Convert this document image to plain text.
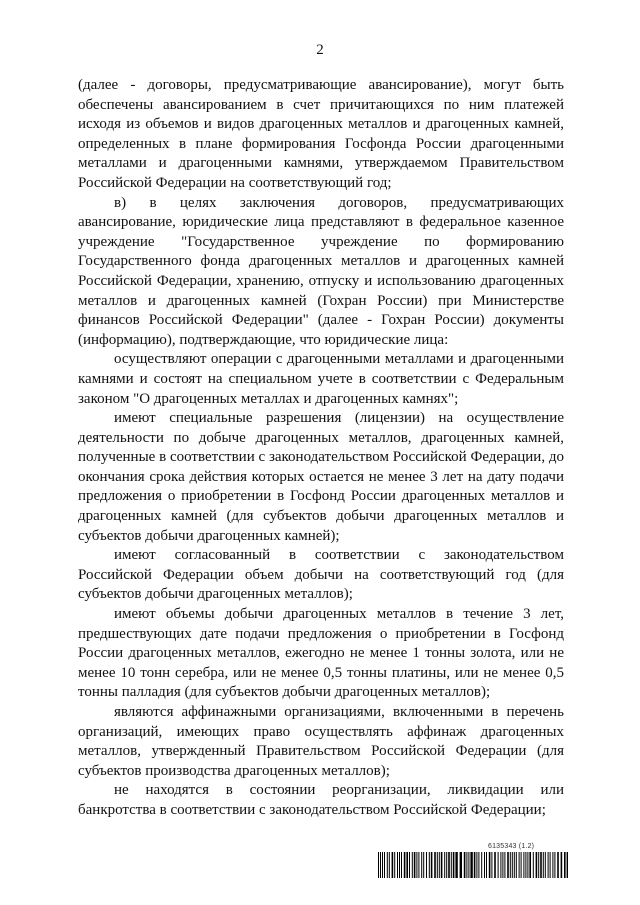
2

(далее - договоры, предусматривающие авансирование), могут быть обеспечены авансированием в счет причитающихся по ним платежей исходя из объемов и видов драгоценных металлов и драгоценных камней, определенных в плане формирования Госфонда России драгоценными металлами и драгоценными камнями, утверждаемом Правительством Российской Федерации на соответствующий год;

в) в целях заключения договоров, предусматривающих авансирование, юридические лица представляют в федеральное казенное учреждение "Государственное учреждение по формированию Государственного фонда драгоценных металлов и драгоценных камней Российской Федерации, хранению, отпуску и использованию драгоценных металлов и драгоценных камней (Гохран России) при Министерстве финансов Российской Федерации" (далее - Гохран России) документы (информацию), подтверждающие, что юридические лица:

осуществляют операции с драгоценными металлами и драгоценными камнями и состоят на специальном учете в соответствии с Федеральным законом "О драгоценных металлах и драгоценных камнях";

имеют специальные разрешения (лицензии) на осуществление деятельности по добыче драгоценных металлов, драгоценных камней, полученные в соответствии с законодательством Российской Федерации, до окончания срока действия которых остается не менее 3 лет на дату подачи предложения о приобретении в Госфонд России драгоценных металлов и драгоценных камней (для субъектов добычи драгоценных металлов и субъектов добычи драгоценных камней);

имеют согласованный в соответствии с законодательством Российской Федерации объем добычи на соответствующий год (для субъектов добычи драгоценных металлов);

имеют объемы добычи драгоценных металлов в течение 3 лет, предшествующих дате подачи предложения о приобретении в Госфонд России драгоценных металлов, ежегодно не менее 1 тонны золота, или не менее 10 тонн серебра, или не менее 0,5 тонны платины, или не менее 0,5 тонны палладия (для субъектов добычи драгоценных металлов);

являются аффинажными организациями, включенными в перечень организаций, имеющих право осуществлять аффинаж драгоценных металлов, утвержденный Правительством Российской Федерации (для субъектов производства драгоценных металлов);

не находятся в состоянии реорганизации, ликвидации или банкротства в соответствии с законодательством Российской Федерации;

6135343 (1.2)
